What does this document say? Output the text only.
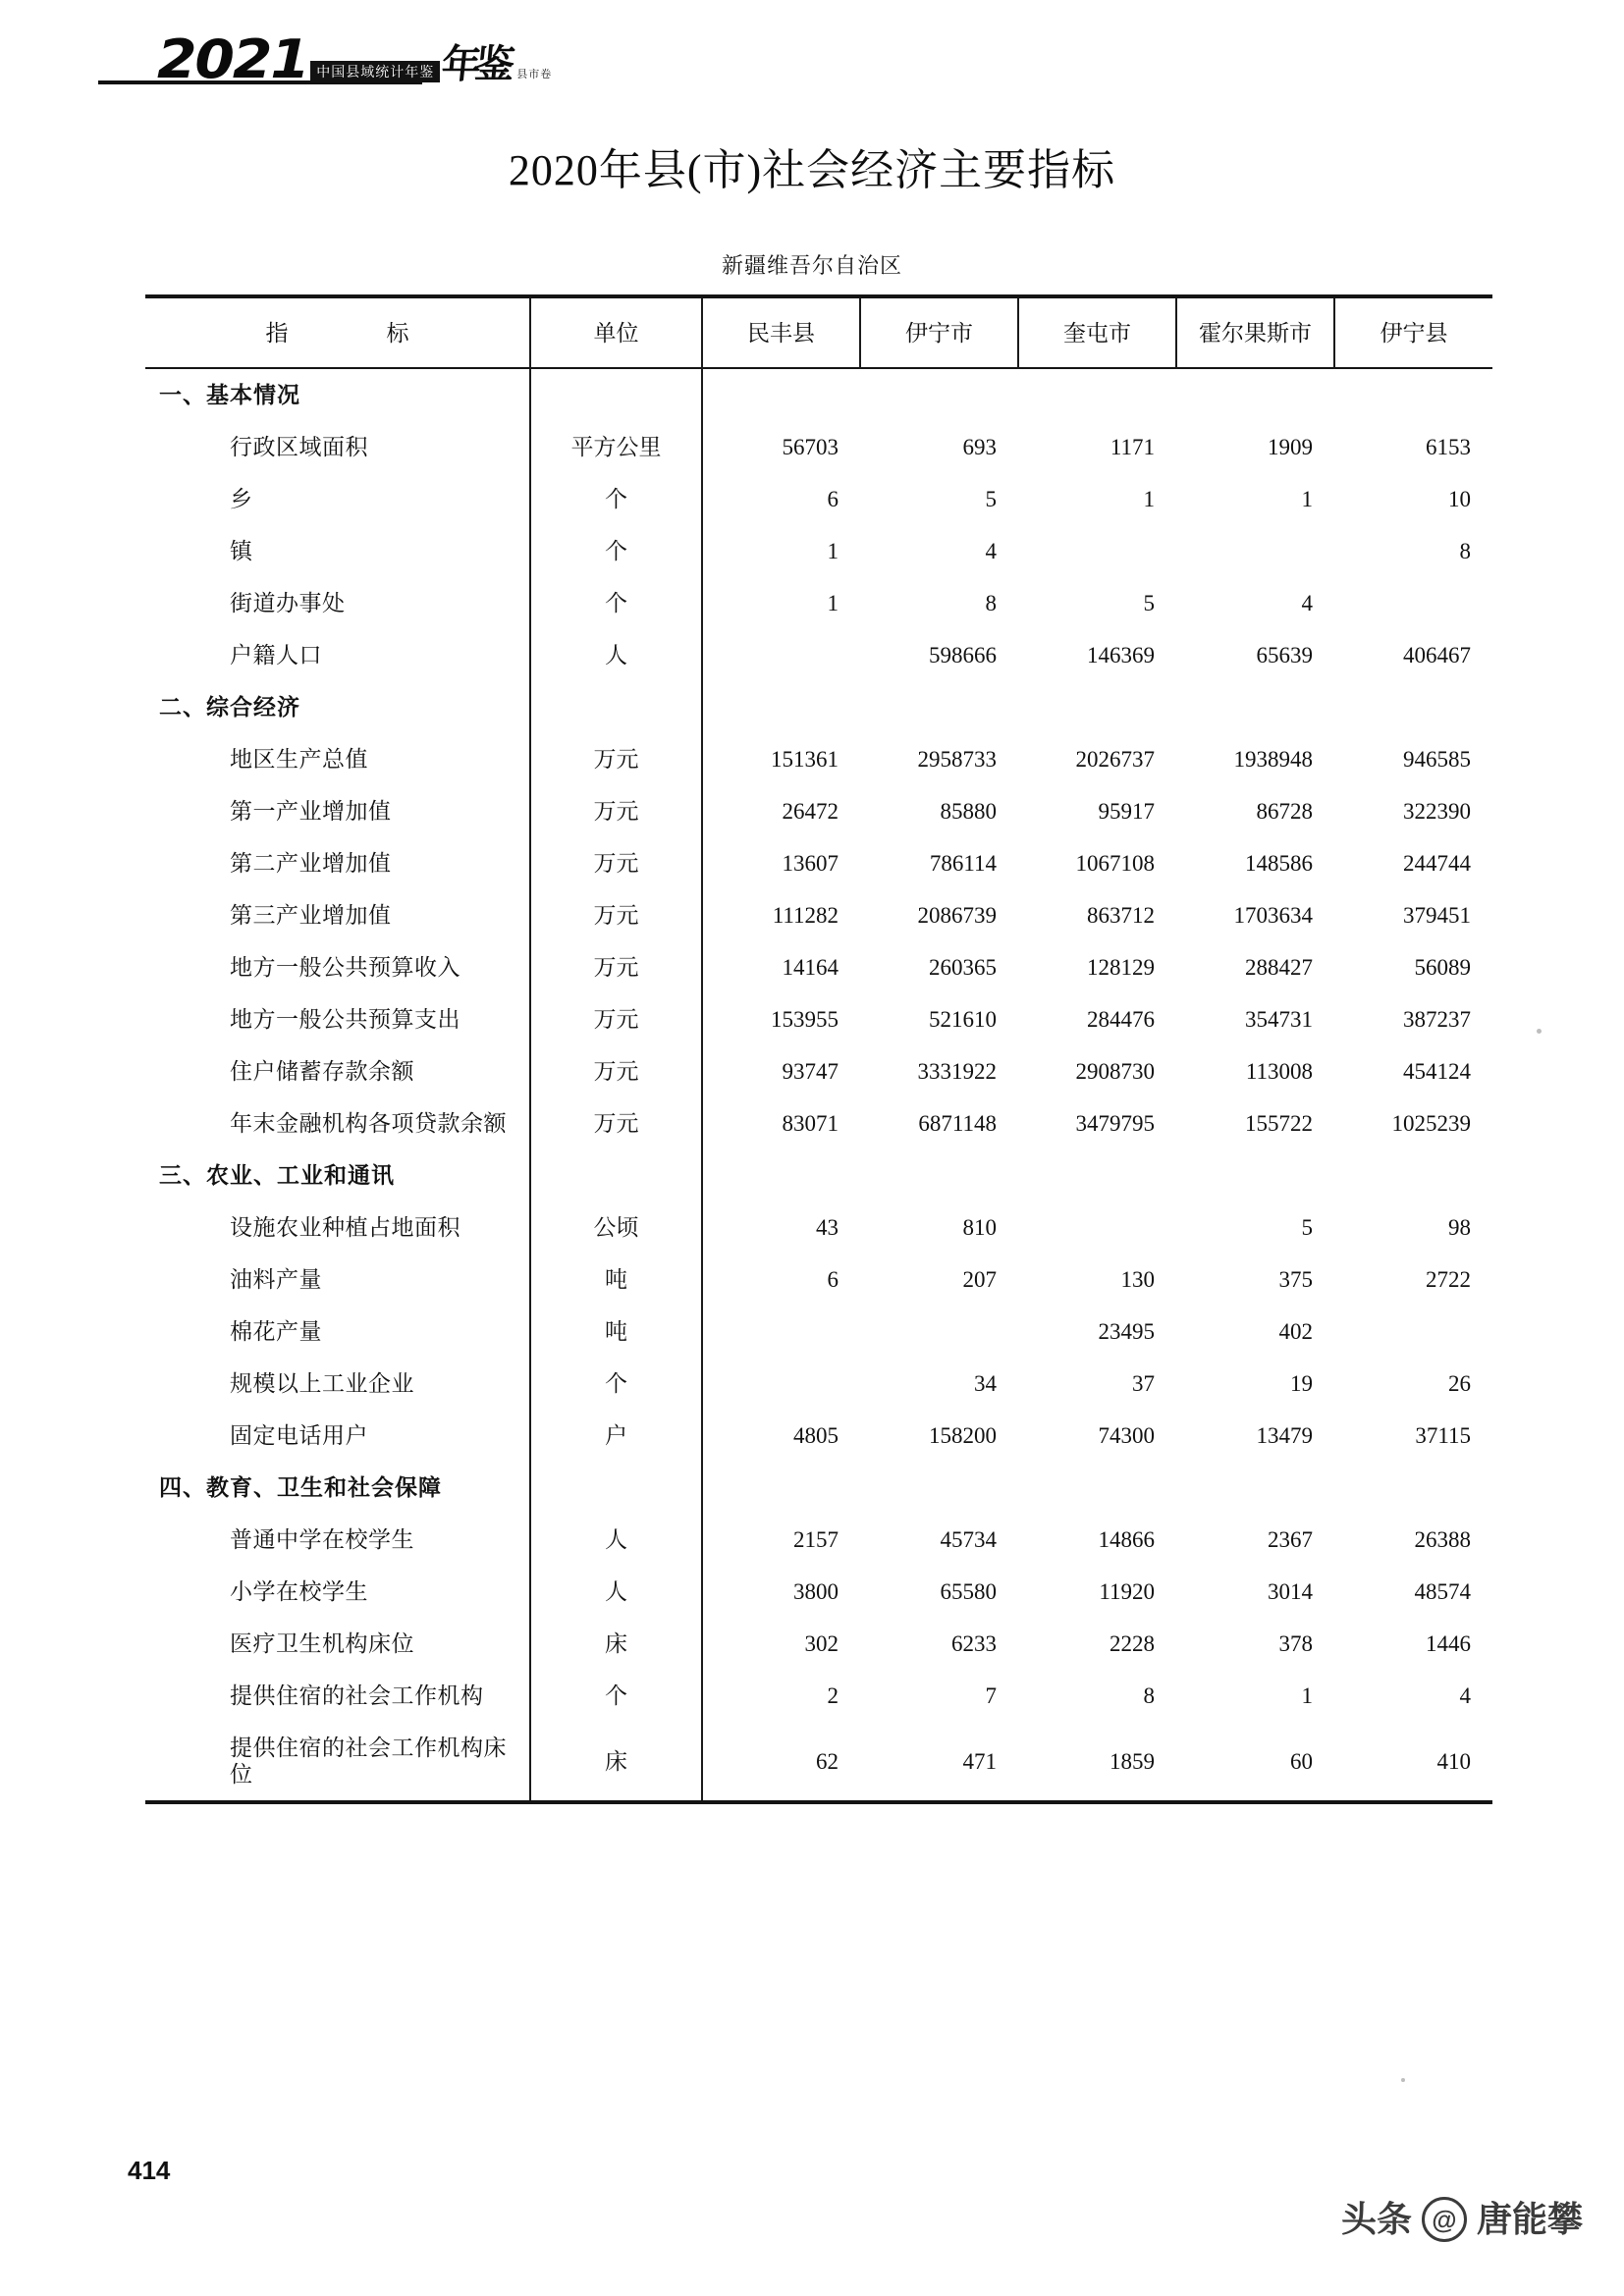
2021 中国县域统计年鉴 年鉴 县市卷
2020年县(市)社会经济主要指标
新疆维吾尔自治区
指　　标	单位	民丰县	伊宁市	奎屯市	霍尔果斯市	伊宁县
一、基本情况						
行政区域面积	平方公里	56703	693	1171	1909	6153
乡	个	6	5	1	1	10
镇	个	1	4			8
街道办事处	个	1	8	5	4	
户籍人口	人		598666	146369	65639	406467
二、综合经济						
地区生产总值	万元	151361	2958733	2026737	1938948	946585
第一产业增加值	万元	26472	85880	95917	86728	322390
第二产业增加值	万元	13607	786114	1067108	148586	244744
第三产业增加值	万元	111282	2086739	863712	1703634	379451
地方一般公共预算收入	万元	14164	260365	128129	288427	56089
地方一般公共预算支出	万元	153955	521610	284476	354731	387237
住户储蓄存款余额	万元	93747	3331922	2908730	113008	454124
年末金融机构各项贷款余额	万元	83071	6871148	3479795	155722	1025239
三、农业、工业和通讯						
设施农业种植占地面积	公顷	43	810		5	98
油料产量	吨	6	207	130	375	2722
棉花产量	吨			23495	402	
规模以上工业企业	个		34	37	19	26
固定电话用户	户	4805	158200	74300	13479	37115
四、教育、卫生和社会保障						
普通中学在校学生	人	2157	45734	14866	2367	26388
小学在校学生	人	3800	65580	11920	3014	48574
医疗卫生机构床位	床	302	6233	2228	378	1446
提供住宿的社会工作机构	个	2	7	8	1	4
提供住宿的社会工作机构床位	床	62	471	1859	60	410

414
头条 @ 唐能攀
